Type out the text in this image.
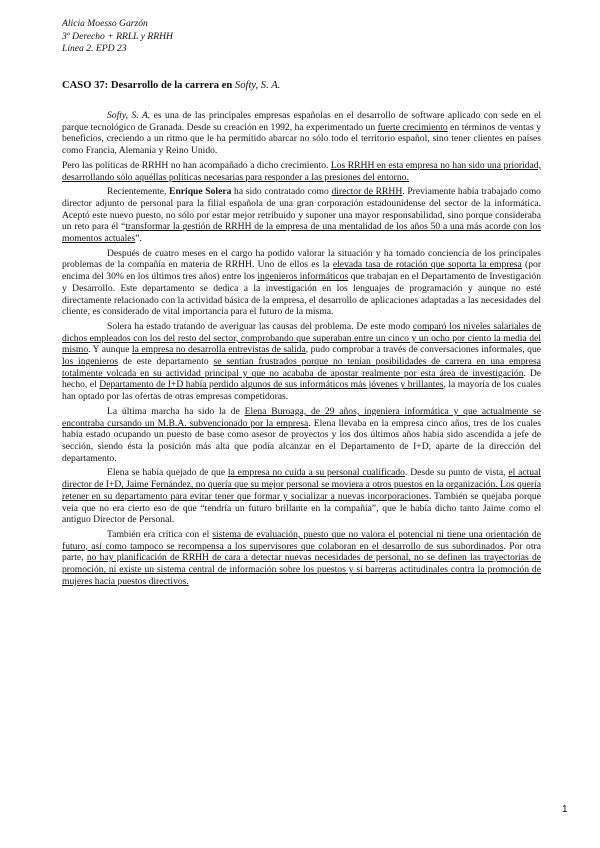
Alicia Moesso Garzón
3º Derecho + RRLL y RRHH
Línea 2. EPD 23
CASO 37: Desarrollo de la carrera en Softy, S. A.

Softy, S. A. es una de las principales empresas españolas en el desarrollo de software aplicado con sede en el parque tecnológico de Granada. Desde su creación en 1992, ha experimentado un fuerte crecimiento en términos de ventas y beneficios, creciendo a un ritmo que le ha permitido abarcar no sólo todo el territorio español, sino tener clientes en países como Francia, Alemania y Reino Unido.

Pero las políticas de RRHH no han acompañado a dicho crecimiento. Los RRHH en esta empresa no han sido una prioridad, desarrollando sólo aquéllas políticas necesarias para responder a las presiones del entorno.

Recientemente, Enrique Solera ha sido contratado como director de RRHH. Previamente había trabajado como director adjunto de personal para la filial española de una gran corporación estadounidense del sector de la informática. Aceptó este nuevo puesto, no sólo por estar mejor retribuido y suponer una mayor responsabilidad, sino porque consideraba un reto para él “transformar la gestión de RRHH de la empresa de una mentalidad de los años 50 a una más acorde con los momentos actuales”.

Después de cuatro meses en el cargo ha podido valorar la situación y ha tomado conciencia de los principales problemas de la compañía en materia de RRHH. Uno de ellos es la elevada tasa de rotación que soporta la empresa (por encima del 30% en los últimos tres años) entre los ingenieros informáticos que trabajan en el Departamento de Investigación y Desarrollo. Este departamento se dedica a la investigación en los lenguajes de programación y aunque no esté directamente relacionado con la actividad básica de la empresa, el desarrollo de aplicaciones adaptadas a las necesidades del cliente, es considerado de vital importancia para el futuro de la misma.

Solera ha estado tratando de averiguar las causas del problema. De este modo comparó los niveles salariales de dichos empleados con los del resto del sector, comprobando que superaban entre un cinco y un ocho por ciento la media del mismo. Y aunque la empresa no desarrolla entrevistas de salida, pudo comprobar a través de conversaciones informales, que los ingenieros de este departamento se sentían frustrados porque no tenían posibilidades de carrera en una empresa totalmente volcada en su actividad principal y que no acababa de apostar realmente por esta área de investigación. De hecho, el Departamento de I+D había perdido algunos de sus informáticos más jóvenes y brillantes, la mayoría de los cuales han optado por las ofertas de otras empresas competidoras.

La última marcha ha sido la de Elena Buroaga, de 29 años, ingeniera informática y que actualmente se encontraba cursando un M.B.A. subvencionado por la empresa. Elena llevaba en la empresa cinco años, tres de los cuales había estado ocupando un puesto de base como asesor de proyectos y los dos últimos años había sido ascendida a jefe de sección, siendo ésta la posición más alta que podía alcanzar en el Departamento de I+D, aparte de la dirección del departamento.

Elena se había quejado de que la empresa no cuida a su personal cualificado. Desde su punto de vista, el actual director de I+D, Jaime Fernández, no quería que su mejor personal se moviera a otros puestos en la organización. Los quería retener en su departamento para evitar tener que formar y socializar a nuevas incorporaciones. También se quejaba porque veía que no era cierto eso de que “tendría un futuro brillante en la compañía”, que le había dicho tanto Jaime como el antiguo Director de Personal.

También era crítica con el sistema de evaluación, puesto que no valora el potencial ni tiene una orientación de futuro, así como tampoco se recompensa a los supervisores que colaboran en el desarrollo de sus subordinados. Por otra parte, no hay planificación de RRHH de cara a detectar nuevas necesidades de personal, no se definen las trayectorias de promoción, ni existe un sistema central de información sobre los puestos y sí barreras actitudinales contra la promoción de mujeres hacia puestos directivos.

1
